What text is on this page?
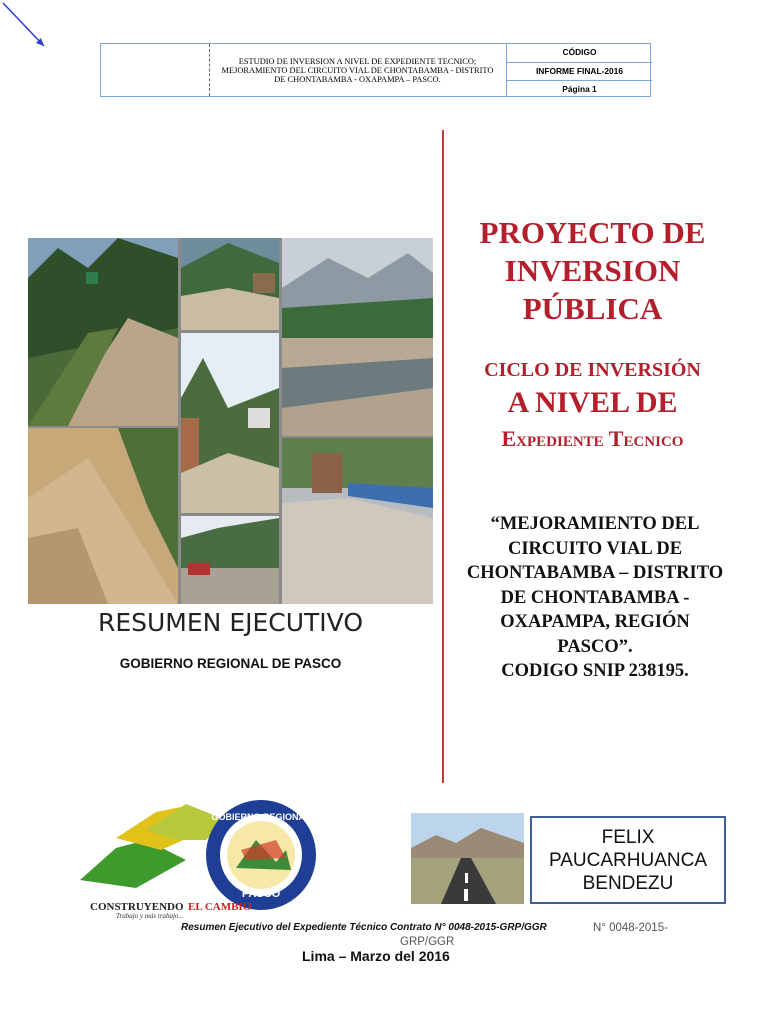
ESTUDIO DE INVERSION A NIVEL DE EXPEDIENTE TECNICO; MEJORAMIENTO DEL CIRCUITO VIAL DE CHONTABAMBA - DISTRITO DE CHONTABAMBA - OXAPAMPA – PASCO.
CÓDIGO
INFORME FINAL-2016
Página 1
PROYECTO DE
INVERSION
PÚBLICA
CICLO DE INVERSIÓN
A NIVEL DE
Expediente Tecnico
“MEJORAMIENTO DEL
CIRCUITO VIAL DE
CHONTABAMBA – DISTRITO
DE CHONTABAMBA -
OXAPAMPA, REGIÓN
PASCO”.
CODIGO SNIP 238195.
RESUMEN EJECUTIVO
GOBIERNO REGIONAL DE PASCO
GOBIERNO REGIONAL
PASCO
CONSTRUYENDO EL CAMBIO
Trabajo y más trabajo...
FELIX
PAUCARHUANCA
BENDEZU
Resumen Ejecutivo del Expediente Técnico Contrato N° 0048-2015-GRP/GGR	N° 0048-2015-
GRP/GGR
Lima – Marzo del 2016
